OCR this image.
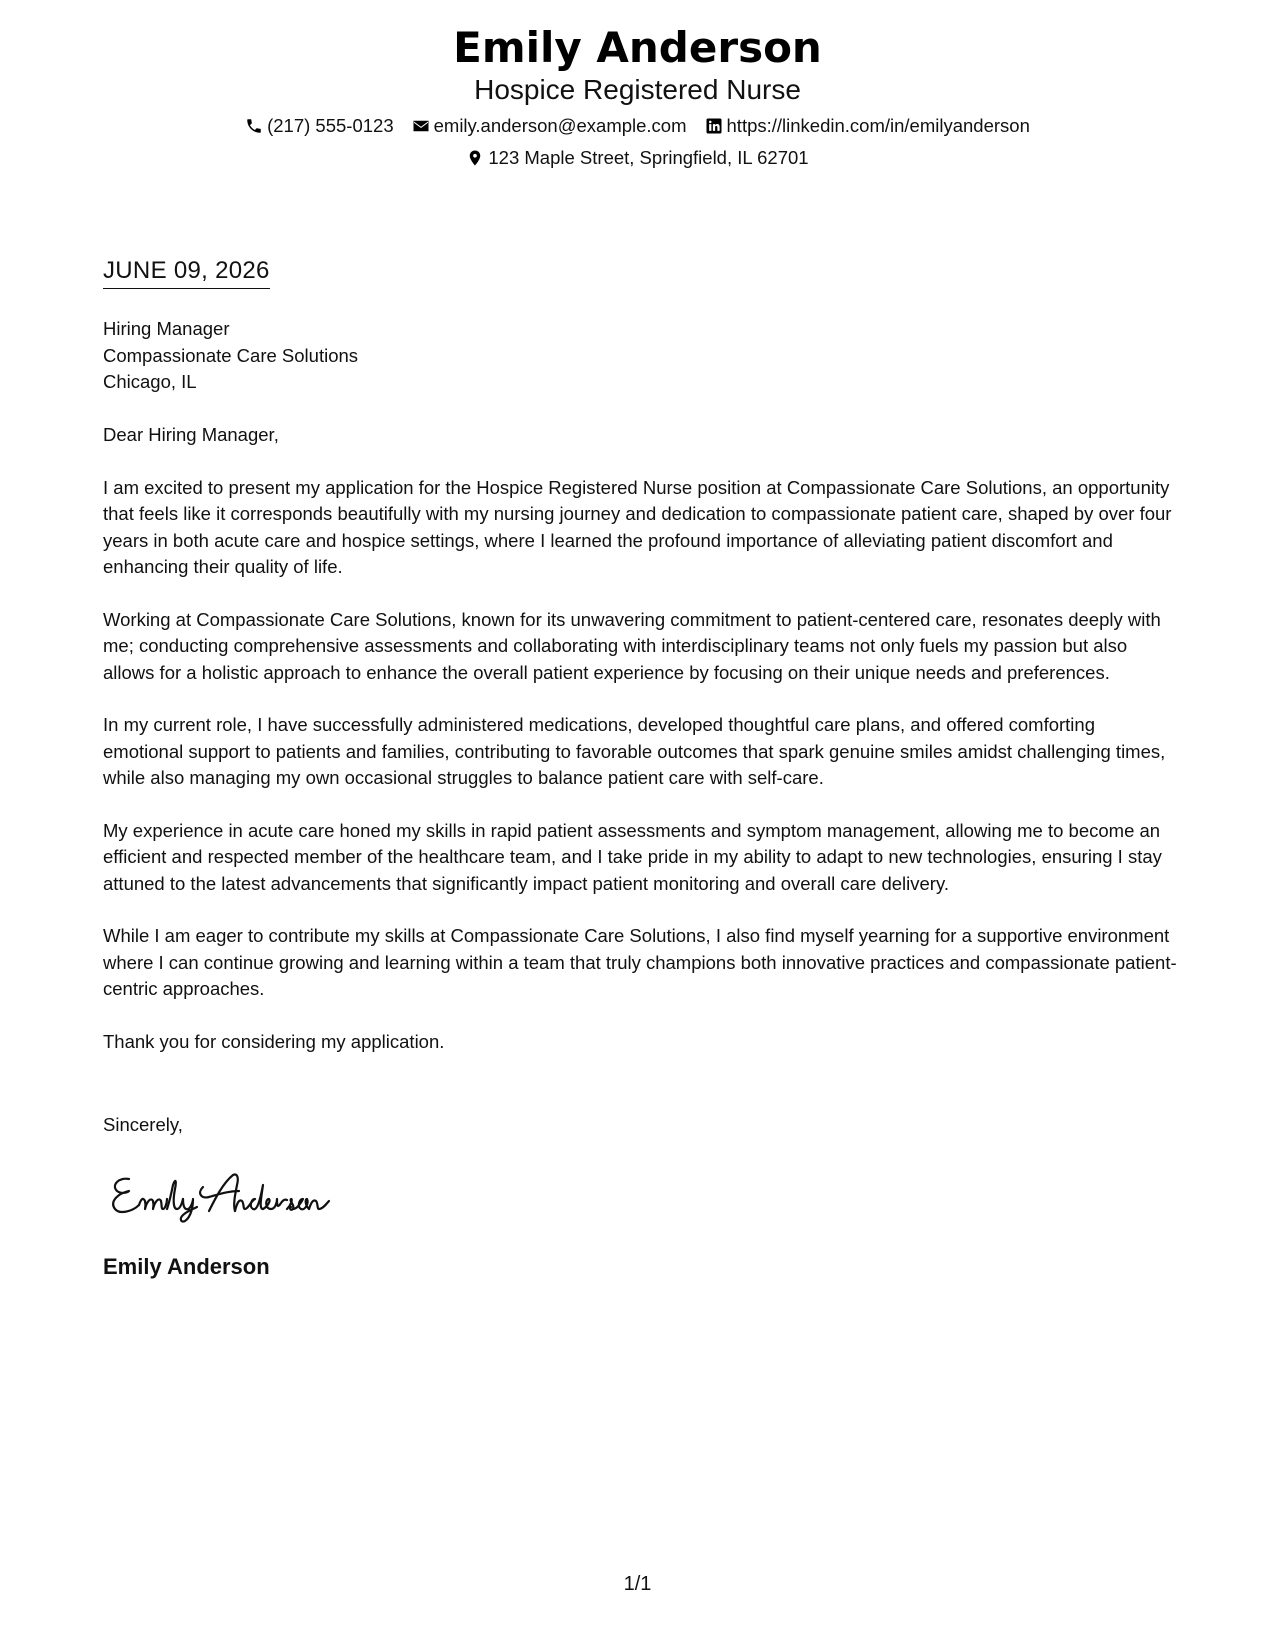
Emily Anderson
Hospice Registered Nurse
(217) 555-0123 emily.anderson@example.com https://linkedin.com/in/emilyanderson
123 Maple Street, Springfield, IL 62701
JUNE 09, 2026
Hiring Manager
Compassionate Care Solutions
Chicago, IL

Dear Hiring Manager,

I am excited to present my application for the Hospice Registered Nurse position at Compassionate Care Solutions, an opportunity that feels like it corresponds beautifully with my nursing journey and dedication to compassionate patient care, shaped by over four years in both acute care and hospice settings, where I learned the profound importance of alleviating patient discomfort and enhancing their quality of life.

Working at Compassionate Care Solutions, known for its unwavering commitment to patient-centered care, resonates deeply with me; conducting comprehensive assessments and collaborating with interdisciplinary teams not only fuels my passion but also allows for a holistic approach to enhance the overall patient experience by focusing on their unique needs and preferences.

In my current role, I have successfully administered medications, developed thoughtful care plans, and offered comforting emotional support to patients and families, contributing to favorable outcomes that spark genuine smiles amidst challenging times, while also managing my own occasional struggles to balance patient care with self-care.

My experience in acute care honed my skills in rapid patient assessments and symptom management, allowing me to become an efficient and respected member of the healthcare team, and I take pride in my ability to adapt to new technologies, ensuring I stay attuned to the latest advancements that significantly impact patient monitoring and overall care delivery.

While I am eager to contribute my skills at Compassionate Care Solutions, I also find myself yearning for a supportive environment where I can continue growing and learning within a team that truly champions both innovative practices and compassionate patient-centric approaches.

Thank you for considering my application.

Sincerely,
Emily Anderson
1/1
